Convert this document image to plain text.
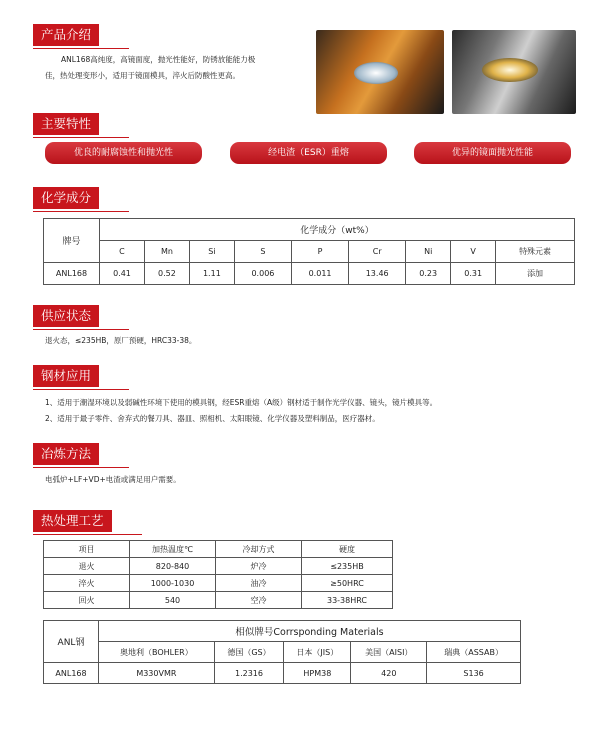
产品介绍
ANL168高纯度，高镜面度，抛光性能好，防锈放能能力极
佳，热处理变形小，适用于镜面模具，淬火后防酸性更高。
主要特性
优良的耐腐蚀性和抛光性	经电渣（ESR）重熔	优异的镜面抛光性能
化学成分
牌号	化学成分（wt%）								
	C	Mn	Si	S	P	Cr	Ni	V	特殊元素
ANL168	0.41	0.52	1.11	0.006	0.011	13.46	0.23	0.31	添加
供应状态
退火态，≤235HB，原厂预硬，HRC33-38。
钢材应用
1、适用于潮湿环境以及弱碱性环境下使用的模具钢，经ESR重熔（A级）钢材适于制作光学仪器、镜头，镜片模具等。
2、适用于最子零件、舍弃式的餐刀具、器皿、照相机、太阳眼镜、化学仪器及塑料制品，医疗器材。
冶炼方法
电弧炉+LF+VD+电渣或满足用户需要。
热处理工艺
项目	加热温度℃	冷却方式	硬度
退火	820-840	炉冷	≤235HB
淬火	1000-1030	油冷	≥50HRC
回火	540	空冷	33-38HRC
ANL钢	相似牌号Corrsponding Materials				
	奥地利（BOHLER）	德国（GS）	日本（JIS）	美国（AISI）	瑞典（ASSAB）
ANL168	M330VMR	1.2316	HPM38	420	S136
